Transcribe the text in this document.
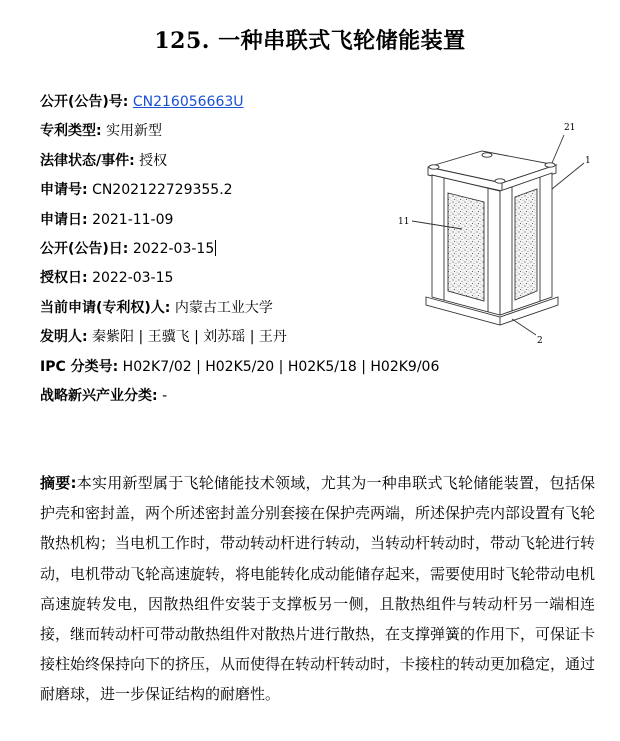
125. 一种串联式飞轮储能装置
公开(公告)号: CN216056663U
专利类型: 实用新型
法律状态/事件: 授权
申请号: CN202122729355.2
申请日: 2021-11-09
公开(公告)日: 2022-03-15
授权日: 2022-03-15
当前申请(专利权)人: 内蒙古工业大学
发明人: 秦紫阳 | 王骥飞 | 刘苏瑶 | 王丹
IPC 分类号: H02K7/02 | H02K5/20 | H02K5/18 | H02K9/06
战略新兴产业分类: -
21
1
11
2
摘要:本实用新型属于飞轮储能技术领域，尤其为一种串联式飞轮储能装置，包括保护壳和密封盖，两个所述密封盖分别套接在保护壳两端，所述保护壳内部设置有飞轮散热机构；当电机工作时，带动转动杆进行转动，当转动杆转动时，带动飞轮进行转动，电机带动飞轮高速旋转，将电能转化成动能储存起来，需要使用时飞轮带动电机高速旋转发电，因散热组件安装于支撑板另一侧，且散热组件与转动杆另一端相连接，继而转动杆可带动散热组件对散热片进行散热，在支撑弹簧的作用下，可保证卡接柱始终保持向下的挤压，从而使得在转动杆转动时，卡接柱的转动更加稳定，通过耐磨球，进一步保证结构的耐磨性。
